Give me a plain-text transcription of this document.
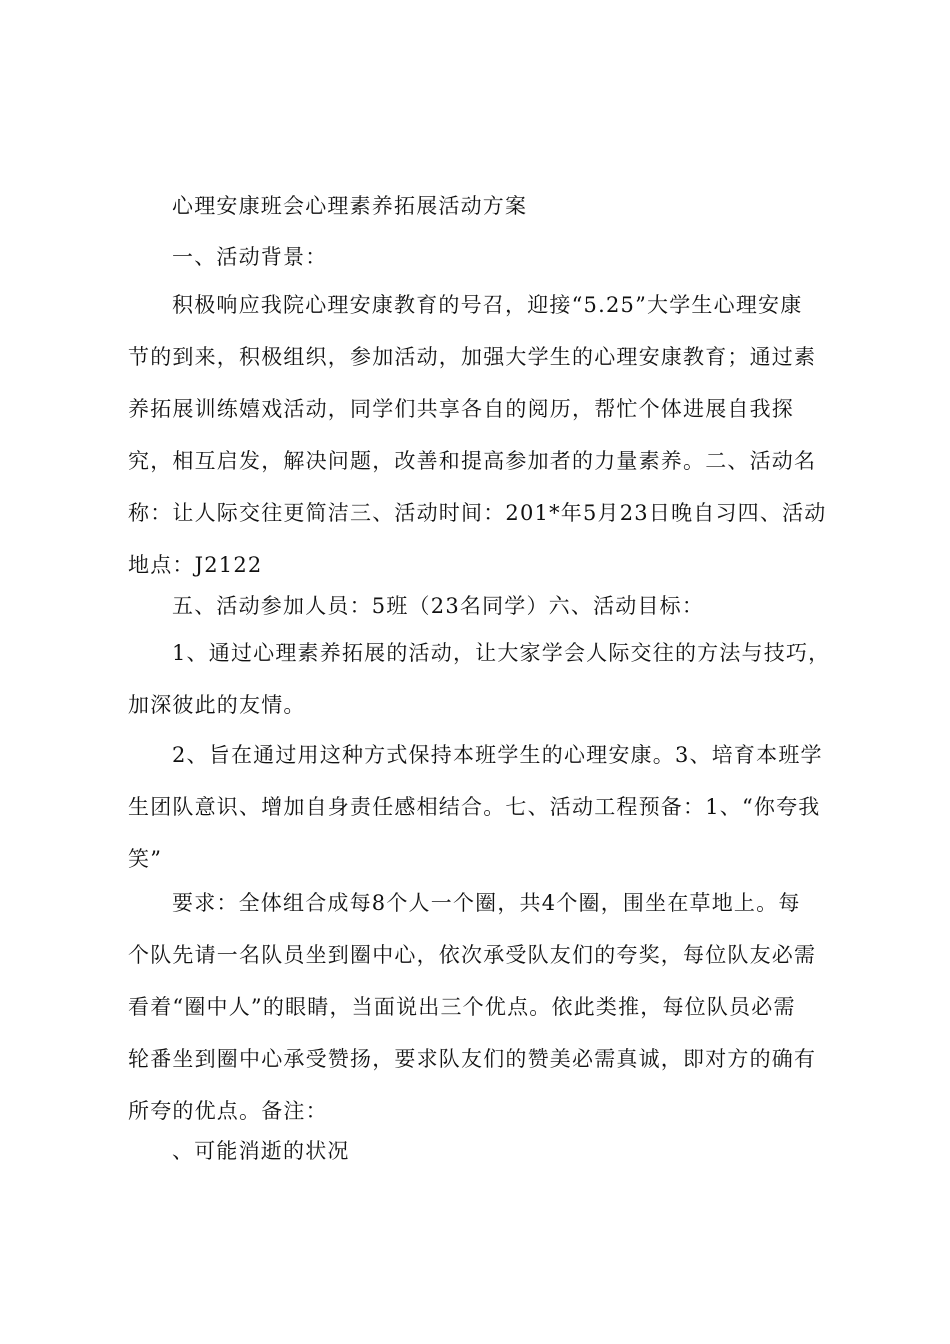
心理安康班会心理素养拓展活动方案
一、活动背景：
积极响应我院心理安康教育的号召，迎接“5.25”大学生心理安康
节的到来，积极组织，参加活动，加强大学生的心理安康教育；通过素
养拓展训练嬉戏活动，同学们共享各自的阅历，帮忙个体进展自我探
究，相互启发，解决问题，改善和提高参加者的力量素养。二、活动名
称：让人际交往更简洁三、活动时间：201*年5月23日晚自习四、活动
地点：J2122
五、活动参加人员：5班（23名同学）六、活动目标：
1、通过心理素养拓展的活动，让大家学会人际交往的方法与技巧，
加深彼此的友情。
2、旨在通过用这种方式保持本班学生的心理安康。3、培育本班学
生团队意识、增加自身责任感相结合。七、活动工程预备：1、“你夸我
笑”
要求：全体组合成每8个人一个圈，共4个圈，围坐在草地上。每
个队先请一名队员坐到圈中心，依次承受队友们的夸奖，每位队友必需
看着“圈中人”的眼睛，当面说出三个优点。依此类推，每位队员必需
轮番坐到圈中心承受赞扬，要求队友们的赞美必需真诚，即对方的确有
所夸的优点。备注：
、可能消逝的状况
